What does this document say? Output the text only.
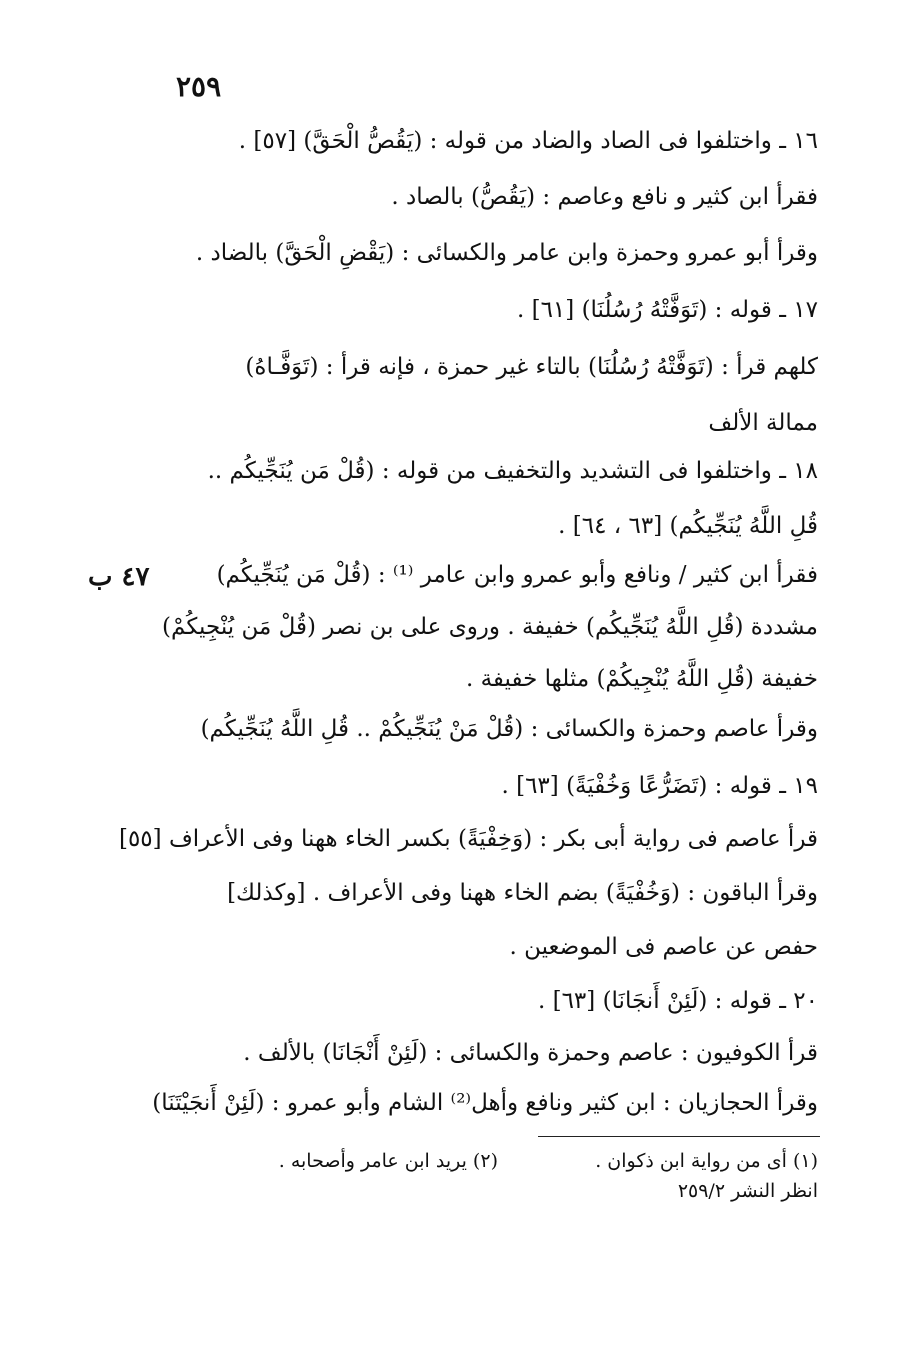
٢٥٩
٤٧ ب
١٦ ـ واختلفوا فى الصاد والضاد من قوله : (يَقُصُّ الْحَقَّ) [٥٧] .
فقرأ ابن كثير و نافع وعاصم : (يَقُصُّ) بالصاد .
وقرأ أبو عمرو وحمزة وابن عامر والكسائى : (يَقْضِ الْحَقَّ) بالضاد .
١٧ ـ قوله : (تَوَفَّتْهُ رُسُلُنَا) [٦١] .
كلهم قرأ : (تَوَفَّتْهُ رُسُلُنَا) بالتاء غير حمزة ، فإنه قرأ : (تَوَفَّـاهُ)
ممالة الألف
١٨ ـ واختلفوا فى التشديد والتخفيف من قوله : (قُلْ مَن يُنَجِّيكُم ..
قُلِ اللَّهُ يُنَجِّيكُم) [٦٣ ، ٦٤] .
فقرأ ابن كثير / ونافع وأبو عمرو وابن عامر ⁽¹⁾ : (قُلْ مَن يُنَجِّيكُم)
مشددة (قُلِ اللَّهُ يُنَجِّيكُم) خفيفة . وروى على بن نصر (قُلْ مَن يُنْجِيكُمْ)
خفيفة (قُلِ اللَّهُ يُنْجِيكُمْ) مثلها خفيفة .
وقرأ عاصم وحمزة والكسائى : (قُلْ مَنْ يُنَجِّيكُمْ .. قُلِ اللَّهُ يُنَجِّيكُم)
١٩ ـ قوله : (تَضَرُّعًا وَخُفْيَةً) [٦٣] .
قرأ عاصم فى رواية أبى بكر : (وَخِفْيَةً) بكسر الخاء ههنا وفى الأعراف [٥٥]
وقرأ الباقون : (وَخُفْيَةً) بضم الخاء ههنا وفى الأعراف . [وكذلك]
حفص عن عاصم فى الموضعين .
٢٠ ـ قوله : (لَئِنْ أَنجَانَا) [٦٣] .
قرأ الكوفيون : عاصم وحمزة والكسائى : (لَئِنْ أَنْجَانَا) بالألف .
وقرأ الحجازيان : ابن كثير ونافع وأهل⁽²⁾ الشام وأبو عمرو : (لَئِنْ أَنجَيْتَنَا)
(١) أى من رواية ابن ذكوان .
(٢) يريد ابن عامر وأصحابه .
انظر النشر ٢٥٩/٢
